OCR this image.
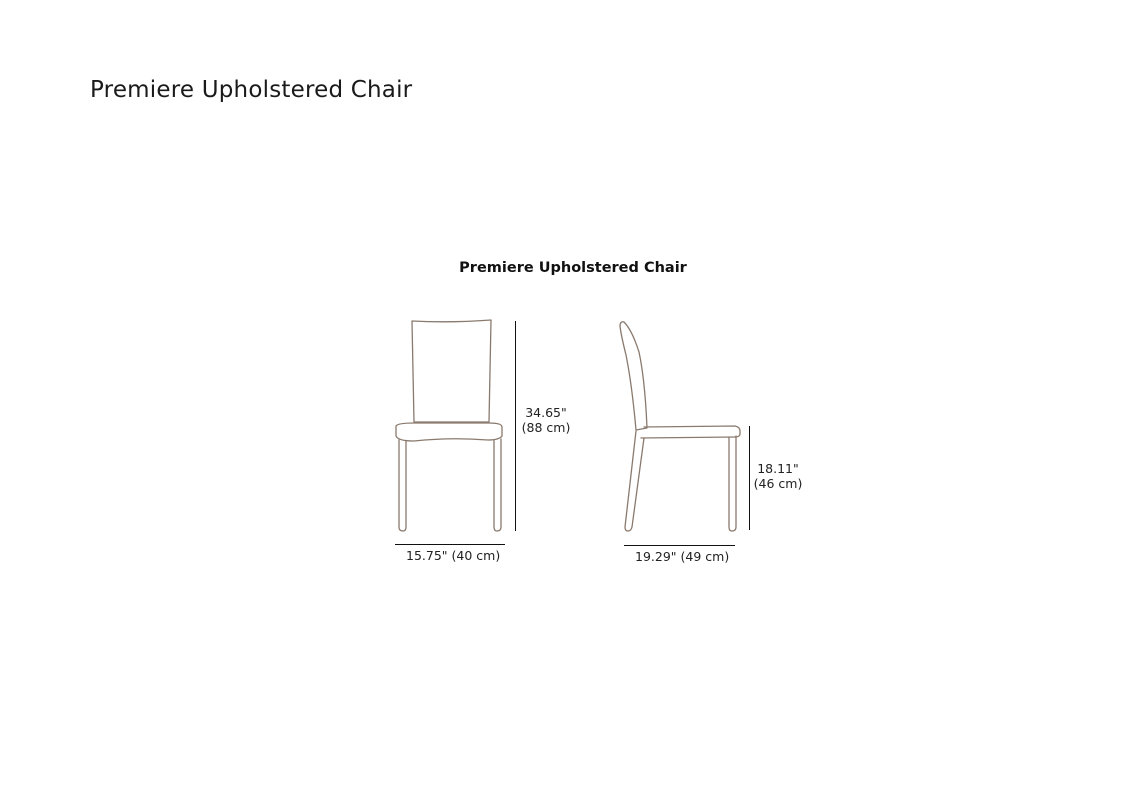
Premiere Upholstered Chair
Premiere Upholstered Chair
34.65"
(88 cm)
15.75" (40 cm)
18.11"
(46 cm)
19.29" (49 cm)
